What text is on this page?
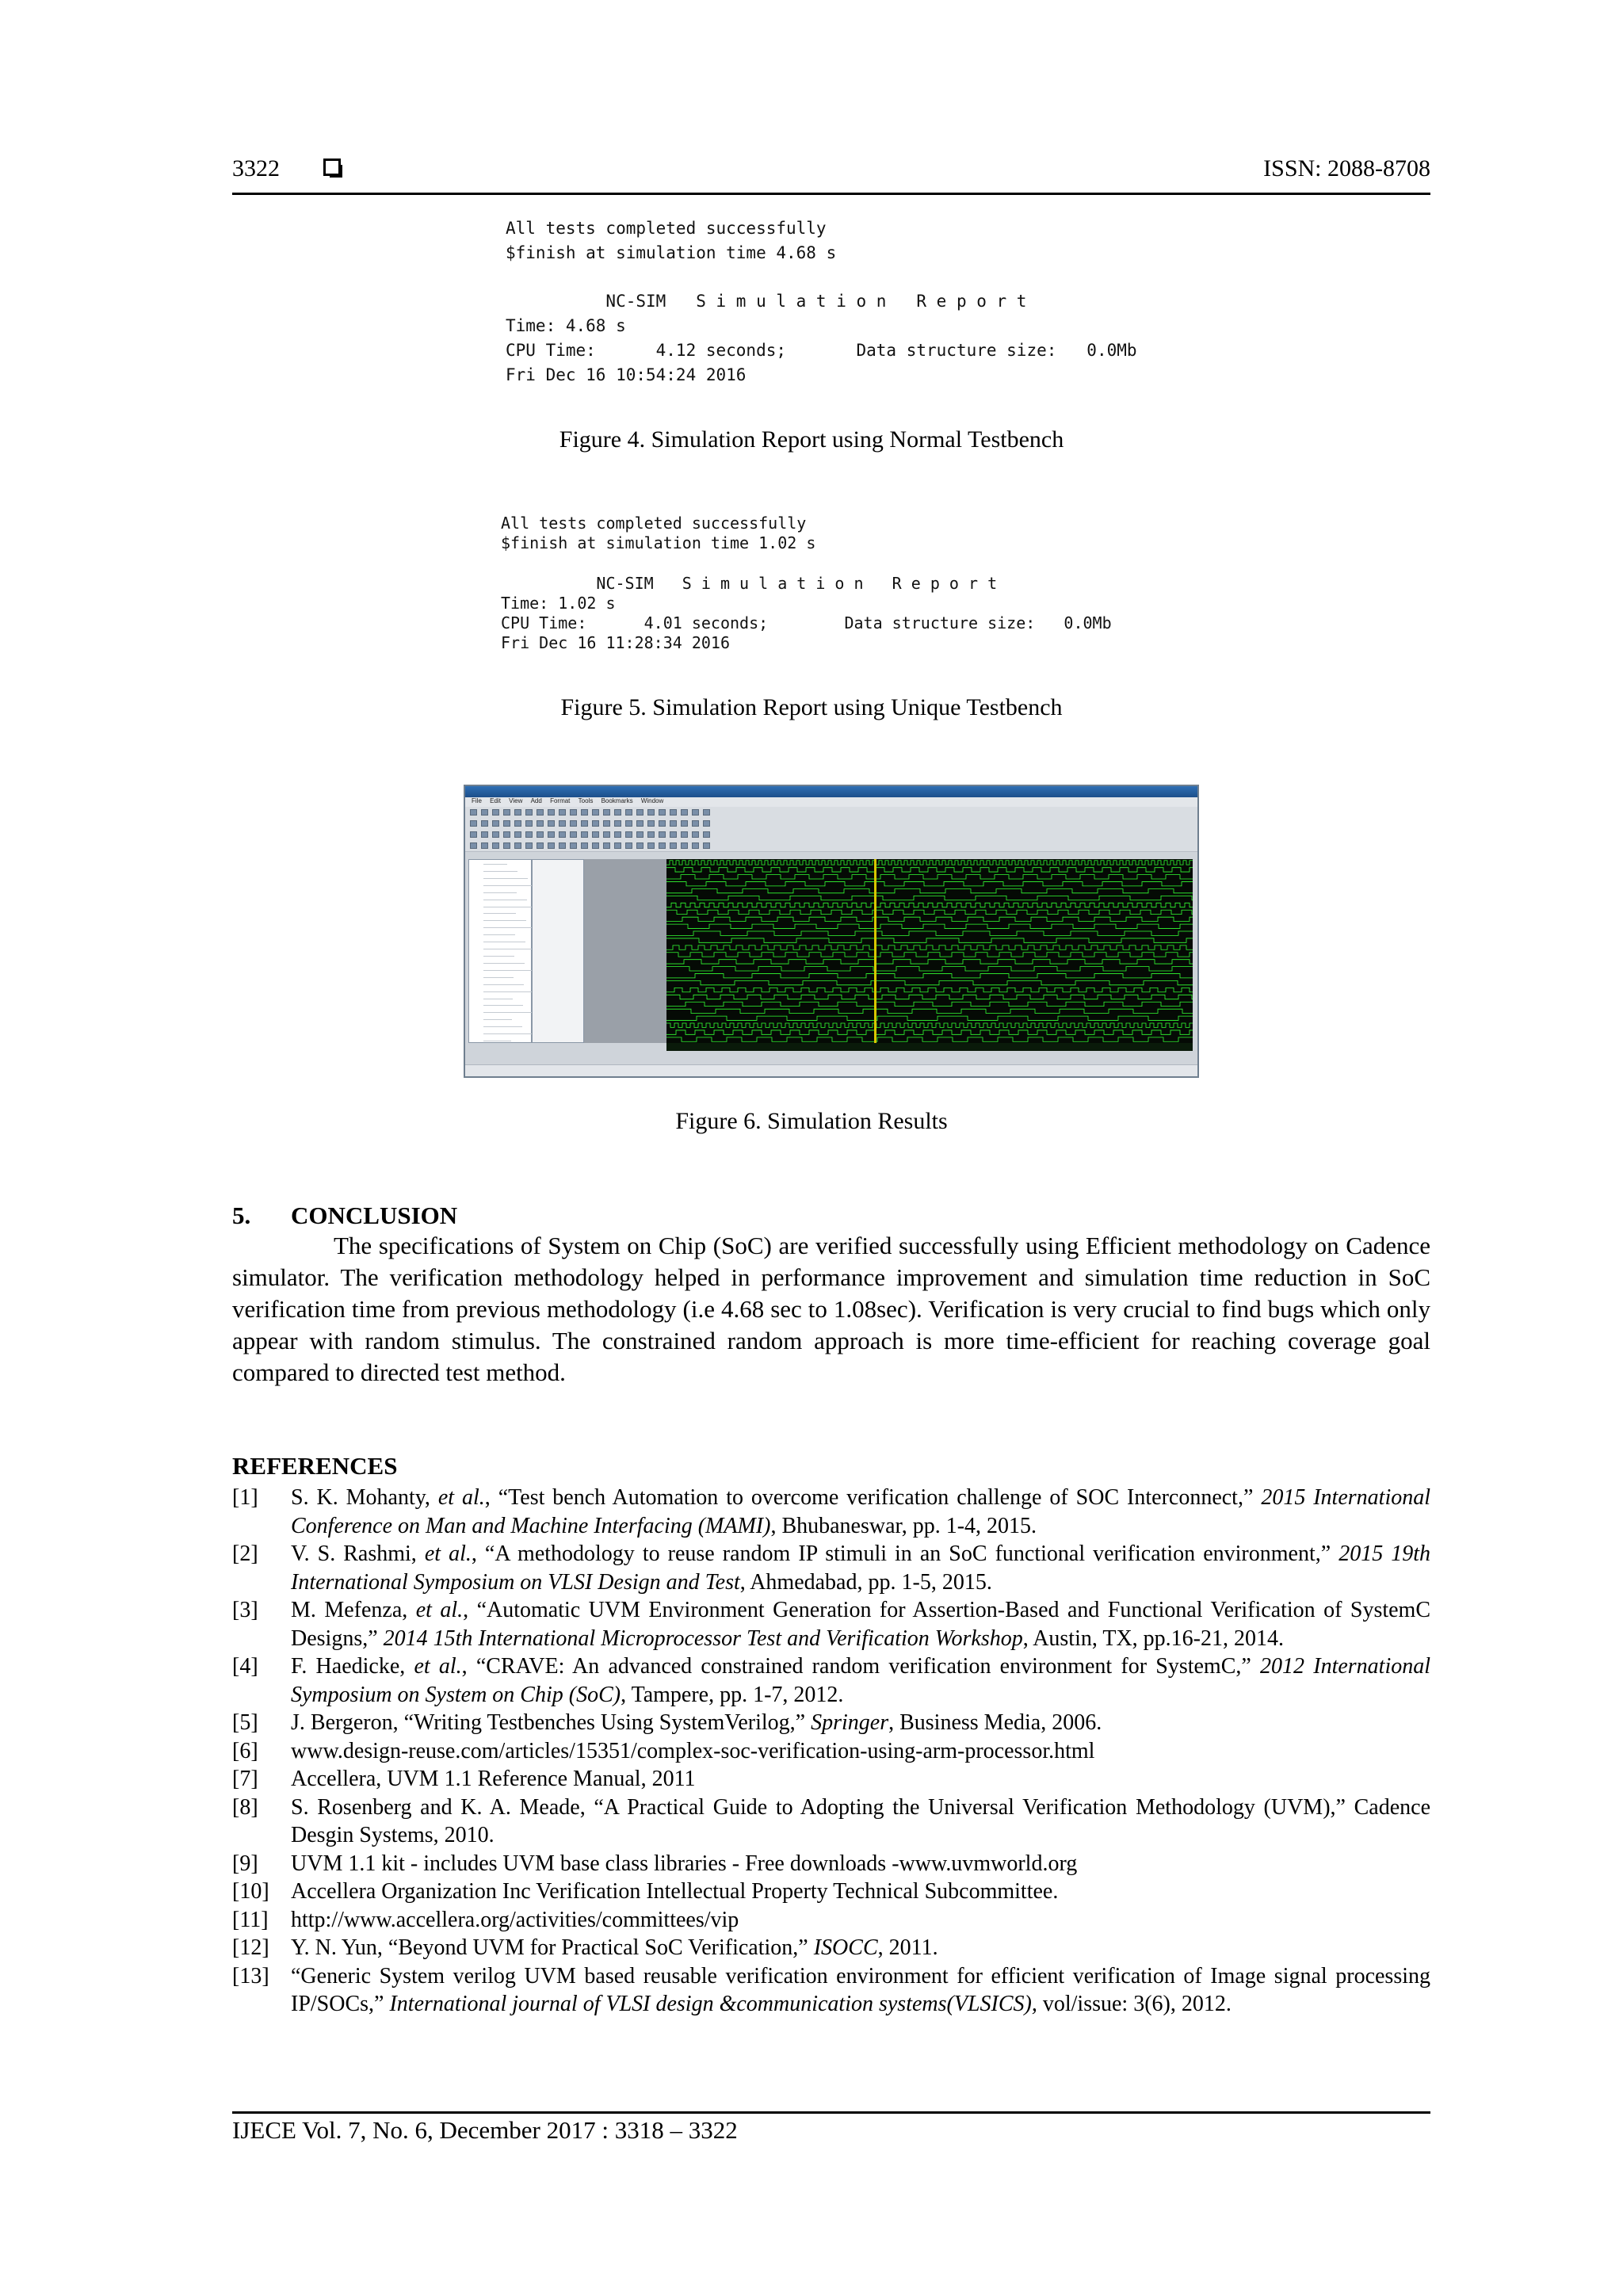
3322	ISSN: 2088-8708

All tests completed successfully

$finish at simulation time 4.68 s

NC-SIM   S i m u l a t i o n   R e p o r t

Time: 4.68 s

CPU Time:      4.12 seconds;       Data structure size:   0.0Mb

Fri Dec 16 10:54:24 2016

Figure 4. Simulation Report using Normal Testbench

All tests completed successfully

$finish at simulation time 1.02 s

NC-SIM   S i m u l a t i o n   R e p o r t

Time: 1.02 s

CPU Time:      4.01 seconds;        Data structure size:   0.0Mb

Fri Dec 16 11:28:34 2016

Figure 5. Simulation Report using Unique Testbench
File Edit View Add Format Tools Bookmarks Window
Figure 6. Simulation Results
5. CONCLUSION
The specifications of System on Chip (SoC) are verified successfully using Efficient methodology on Cadence simulator. The verification methodology helped in performance improvement and simulation time reduction in SoC verification time from previous methodology (i.e 4.68 sec to 1.08sec). Verification is very crucial to find bugs which only appear with random stimulus. The constrained random approach is more time-efficient for reaching coverage goal compared to directed test method.
REFERENCES
[1] S. K. Mohanty, et al., “Test bench Automation to overcome verification challenge of SOC Interconnect,” 2015 International Conference on Man and Machine Interfacing (MAMI), Bhubaneswar, pp. 1-4, 2015.
[2] V. S. Rashmi, et al., “A methodology to reuse random IP stimuli in an SoC functional verification environment,” 2015 19th International Symposium on VLSI Design and Test, Ahmedabad, pp. 1-5, 2015.
[3] M. Mefenza, et al., “Automatic UVM Environment Generation for Assertion-Based and Functional Verification of SystemC Designs,” 2014 15th International Microprocessor Test and Verification Workshop, Austin, TX, pp.16-21, 2014.
[4] F. Haedicke, et al., “CRAVE: An advanced constrained random verification environment for SystemC,” 2012 International Symposium on System on Chip (SoC), Tampere, pp. 1-7, 2012.
[5] J. Bergeron, “Writing Testbenches Using SystemVerilog,” Springer, Business Media, 2006.
[6] www.design-reuse.com/articles/15351/complex-soc-verification-using-arm-processor.html
[7] Accellera, UVM 1.1 Reference Manual, 2011
[8] S. Rosenberg and K. A. Meade, “A Practical Guide to Adopting the Universal Verification Methodology (UVM),” Cadence Desgin Systems, 2010.
[9] UVM 1.1 kit - includes UVM base class libraries - Free downloads -www.uvmworld.org
[10] Accellera Organization Inc Verification Intellectual Property Technical Subcommittee.
[11] http://www.accellera.org/activities/committees/vip
[12] Y. N. Yun, “Beyond UVM for Practical SoC Verification,” ISOCC, 2011.
[13] “Generic System verilog UVM based reusable verification environment for efficient verification of Image signal processing IP/SOCs,” International journal of VLSI design &communication systems(VLSICS), vol/issue: 3(6), 2012.
IJECE Vol. 7, No. 6, December 2017 : 3318 – 3322
